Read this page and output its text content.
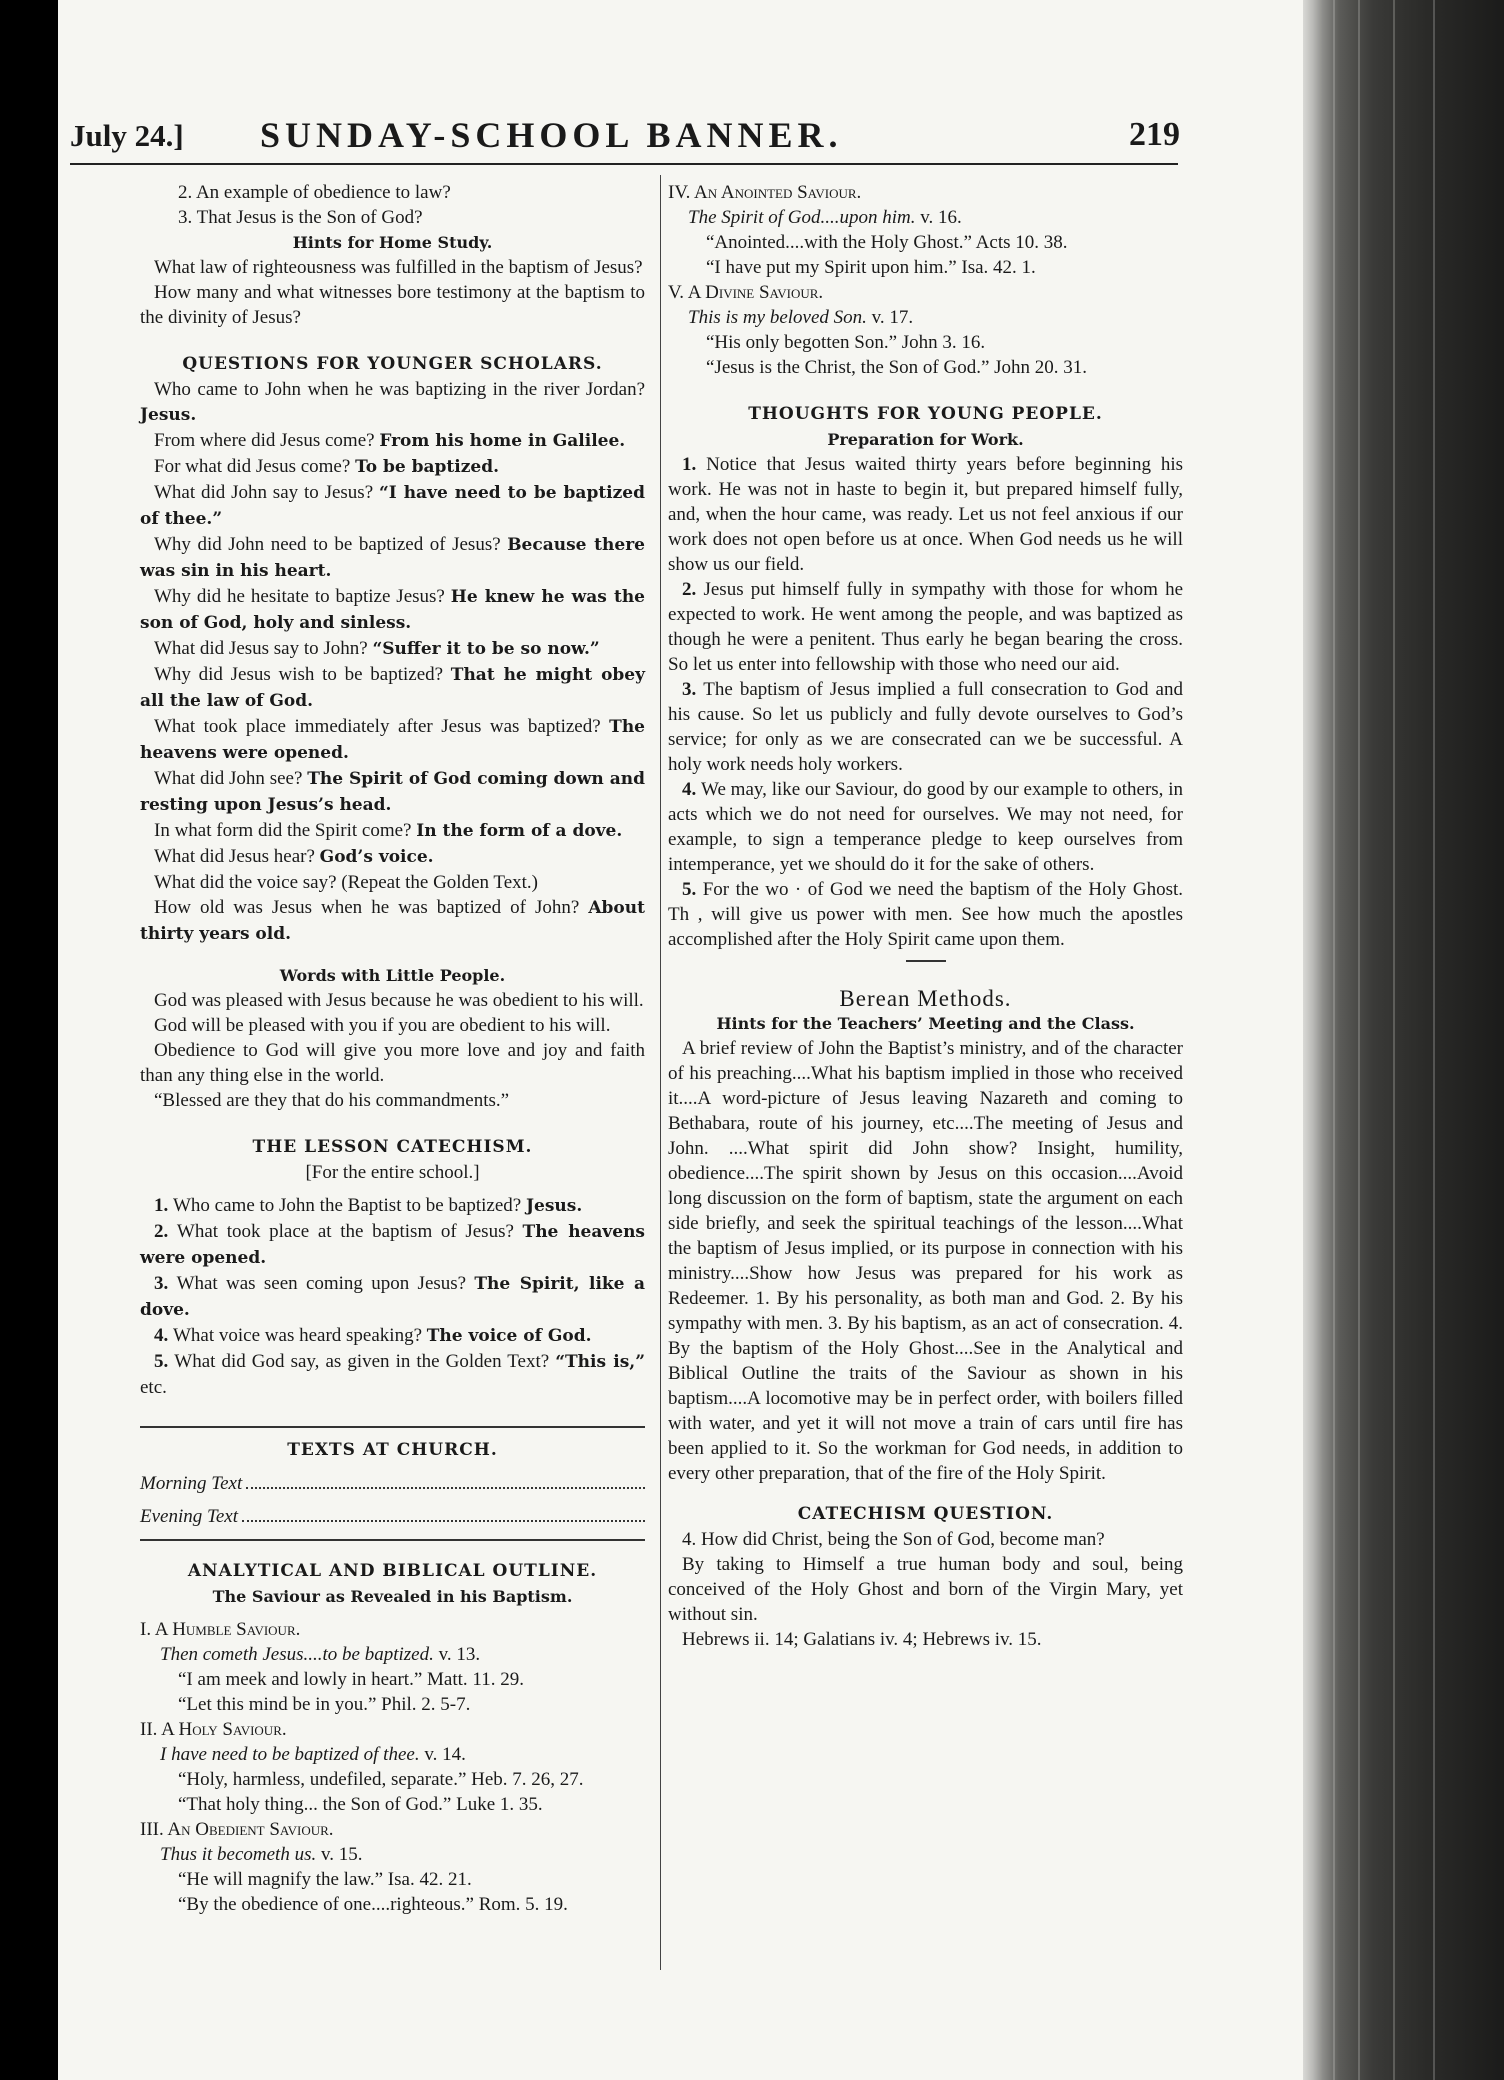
July 24.] SUNDAY-SCHOOL BANNER.	219

2. An example of obedience to law?

3. That Jesus is the Son of God?

Hints for Home Study.

What law of righteousness was fulfilled in the baptism of Jesus?

How many and what witnesses bore testimony at the baptism to the divinity of Jesus?

QUESTIONS FOR YOUNGER SCHOLARS.

Who came to John when he was baptizing in the river Jordan? Jesus.

From where did Jesus come? From his home in Galilee.

For what did Jesus come? To be baptized.

What did John say to Jesus? “I have need to be baptized of thee.”

Why did John need to be baptized of Jesus? Because there was sin in his heart.

Why did he hesitate to baptize Jesus? He knew he was the son of God, holy and sinless.

What did Jesus say to John? “Suffer it to be so now.”

Why did Jesus wish to be baptized? That he might obey all the law of God.

What took place immediately after Jesus was baptized? The heavens were opened.

What did John see? The Spirit of God coming down and resting upon Jesus’s head.

In what form did the Spirit come? In the form of a dove.

What did Jesus hear? God’s voice.

What did the voice say? (Repeat the Golden Text.)

How old was Jesus when he was baptized of John? About thirty years old.

Words with Little People.

God was pleased with Jesus because he was obedient to his will.

God will be pleased with you if you are obedient to his will.

Obedience to God will give you more love and joy and faith than any thing else in the world.

“Blessed are they that do his commandments.”

THE LESSON CATECHISM.

[For the entire school.]

1. Who came to John the Baptist to be baptized? Jesus.

2. What took place at the baptism of Jesus? The heavens were opened.

3. What was seen coming upon Jesus? The Spirit, like a dove.

4. What voice was heard speaking? The voice of God.

5. What did God say, as given in the Golden Text? “This is,” etc.

TEXTS AT CHURCH.

Morning Text
Evening Text

ANALYTICAL AND BIBLICAL OUTLINE.

The Saviour as Revealed in his Baptism.

I. A Humble Saviour.

Then cometh Jesus....to be baptized. v. 13.

“I am meek and lowly in heart.” Matt. 11. 29.

“Let this mind be in you.” Phil. 2. 5-7.

II. A Holy Saviour.

I have need to be baptized of thee. v. 14.

“Holy, harmless, undefiled, separate.” Heb. 7. 26, 27.

“That holy thing... the Son of God.” Luke 1. 35.

III. An Obedient Saviour.

Thus it becometh us. v. 15.

“He will magnify the law.” Isa. 42. 21.

“By the obedience of one....righteous.” Rom. 5. 19.

IV. An Anointed Saviour.

The Spirit of God....upon him. v. 16.

“Anointed....with the Holy Ghost.” Acts 10. 38.

“I have put my Spirit upon him.” Isa. 42. 1.

V. A Divine Saviour.

This is my beloved Son. v. 17.

“His only begotten Son.” John 3. 16.

“Jesus is the Christ, the Son of God.” John 20. 31.

THOUGHTS FOR YOUNG PEOPLE.

Preparation for Work.

1. Notice that Jesus waited thirty years before beginning his work. He was not in haste to begin it, but prepared himself fully, and, when the hour came, was ready. Let us not feel anxious if our work does not open before us at once. When God needs us he will show us our field.

2. Jesus put himself fully in sympathy with those for whom he expected to work. He went among the people, and was baptized as though he were a penitent. Thus early he began bearing the cross. So let us enter into fellowship with those who need our aid.

3. The baptism of Jesus implied a full consecration to God and his cause. So let us publicly and fully devote ourselves to God’s service; for only as we are consecrated can we be successful. A holy work needs holy workers.

4. We may, like our Saviour, do good by our example to others, in acts which we do not need for ourselves. We may not need, for example, to sign a temperance pledge to keep ourselves from intemperance, yet we should do it for the sake of others.

5. For the wo · of God we need the baptism of the Holy Ghost. Th , will give us power with men. See how much the apostles accomplished after the Holy Spirit came upon them.

Berean Methods.

Hints for the Teachers’ Meeting and the Class.

A brief review of John the Baptist’s ministry, and of the character of his preaching....What his baptism implied in those who received it....A word-picture of Jesus leaving Nazareth and coming to Bethabara, route of his journey, etc....The meeting of Jesus and John. ....What spirit did John show? Insight, humility, obedience....The spirit shown by Jesus on this occasion....Avoid long discussion on the form of baptism, state the argument on each side briefly, and seek the spiritual teachings of the lesson....What the baptism of Jesus implied, or its purpose in connection with his ministry....Show how Jesus was prepared for his work as Redeemer. 1. By his personality, as both man and God. 2. By his sympathy with men. 3. By his baptism, as an act of consecration. 4. By the baptism of the Holy Ghost....See in the Analytical and Biblical Outline the traits of the Saviour as shown in his baptism....A locomotive may be in perfect order, with boilers filled with water, and yet it will not move a train of cars until fire has been applied to it. So the workman for God needs, in addition to every other preparation, that of the fire of the Holy Spirit.

CATECHISM QUESTION.

4. How did Christ, being the Son of God, become man?

By taking to Himself a true human body and soul, being conceived of the Holy Ghost and born of the Virgin Mary, yet without sin.

Hebrews ii. 14; Galatians iv. 4; Hebrews iv. 15.
